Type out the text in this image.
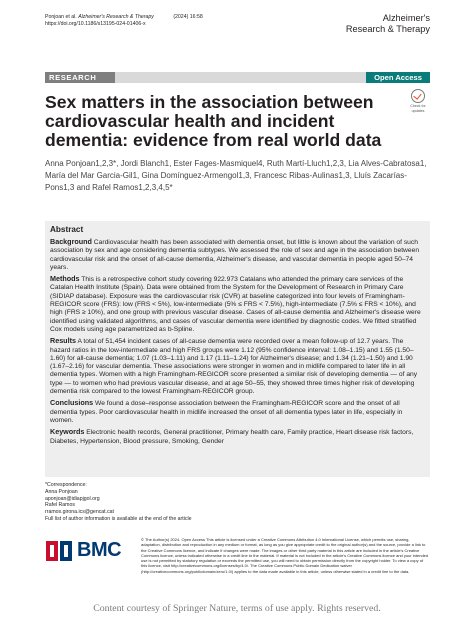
Ponjoan et al. Alzheimer's Research & Therapy	(2024) 16:58
https://doi.org/10.1186/s13195-024-01406-x
Alzheimer's
Research & Therapy
RESEARCH	Open Access
Check for
updates
Sex matters in the association between cardiovascular health and incident dementia: evidence from real world data
Anna Ponjoan1,2,3*, Jordi Blanch1, Ester Fages-Masmiquel4, Ruth Martí-Lluch1,2,3, Lia Alves-Cabratosa1, María del Mar Garcia-Gil1, Gina Domínguez-Armengol1,3, Francesc Ribas-Aulinas1,3, Lluís Zacarías-Pons1,3 and Rafel Ramos1,2,3,4,5*
Abstract

Background Cardiovascular health has been associated with dementia onset, but little is known about the variation of such association by sex and age considering dementia subtypes. We assessed the role of sex and age in the association between cardiovascular risk and the onset of all-cause dementia, Alzheimer's disease, and vascular dementia in people aged 50–74 years.

Methods This is a retrospective cohort study covering 922.973 Catalans who attended the primary care services of the Catalan Health Institute (Spain). Data were obtained from the System for the Development of Research in Primary Care (SIDIAP database). Exposure was the cardiovascular risk (CVR) at baseline categorized into four levels of Framingham-REGICOR score (FRS): low (FRS < 5%), low-intermediate (5% ≤ FRS < 7.5%), high-intermediate (7.5% ≤ FRS < 10%), and high (FRS ≥ 10%), and one group with previous vascular disease. Cases of all-cause dementia and Alzheimer's disease were identified using validated algorithms, and cases of vascular dementia were identified by diagnostic codes. We fitted stratified Cox models using age parametrized as b-Spline.

Results A total of 51,454 incident cases of all-cause dementia were recorded over a mean follow-up of 12.7 years. The hazard ratios in the low-intermediate and high FRS groups were 1.12 (95% confidence interval: 1.08–1.15) and 1.55 (1.50–1.60) for all-cause dementia; 1.07 (1.03–1.11) and 1.17 (1.11–1.24) for Alzheimer's disease; and 1.34 (1.21–1.50) and 1.90 (1.67–2.16) for vascular dementia. These associations were stronger in women and in midlife compared to later life in all dementia types. Women with a high Framingham-REGICOR score presented a similar risk of developing dementia — of any type — to women who had previous vascular disease, and at age 50–55, they showed three times higher risk of developing dementia risk compared to the lowest Framingham-REGICOR group.

Conclusions We found a dose–response association between the Framingham-REGICOR score and the onset of all dementia types. Poor cardiovascular health in midlife increased the onset of all dementia types later in life, especially in women.

Keywords Electronic health records, General practitioner, Primary health care, Family practice, Heart disease risk factors, Diabetes, Hypertension, Blood pressure, Smoking, Gender

*Correspondence:
Anna Ponjoan
aponjoan@idiapjgol.org
Rafel Ramos
rramos.girona.ics@gencat.cat
Full list of author information is available at the end of the article
BMC	© The Author(s) 2024. Open Access This article is licensed under a Creative Commons Attribution 4.0 International License, which permits use, sharing, adaptation, distribution and reproduction in any medium or format, as long as you give appropriate credit to the original author(s) and the source, provide a link to the Creative Commons licence, and indicate if changes were made. The images or other third party material in this article are included in the article's Creative Commons licence, unless indicated otherwise in a credit line to the material. If material is not included in the article's Creative Commons licence and your intended use is not permitted by statutory regulation or exceeds the permitted use, you will need to obtain permission directly from the copyright holder. To view a copy of this licence, visit http://creativecommons.org/licenses/by/4.0/. The Creative Commons Public Domain Dedication waiver (http://creativecommons.org/publicdomain/zero/1.0/) applies to the data made available in this article, unless otherwise stated in a credit line to the data.
Content courtesy of Springer Nature, terms of use apply. Rights reserved.
